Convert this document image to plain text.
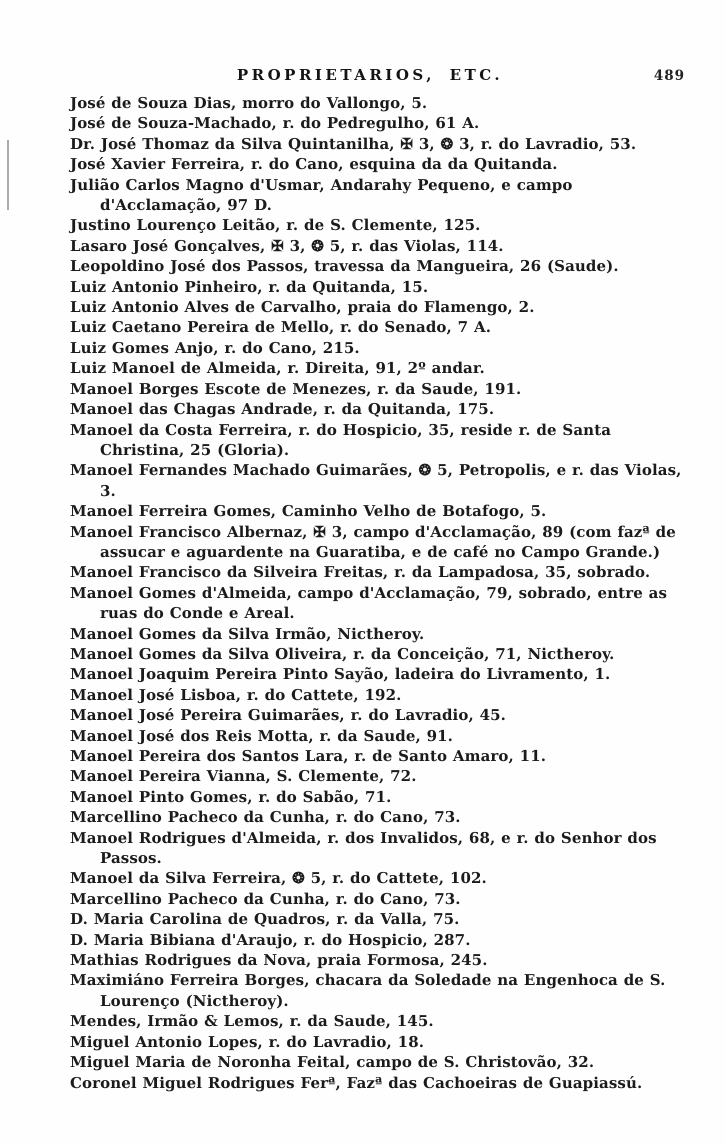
PROPRIETARIOS, ETC.	489

José de Souza Dias, morro do Vallongo, 5.

José de Souza-Machado, r. do Pedregulho, 61 A.

Dr. José Thomaz da Silva Quintanilha, ✠ 3, ❂ 3, r. do Lavradio, 53.

José Xavier Ferreira, r. do Cano, esquina da da Quitanda.

Julião Carlos Magno d'Usmar, Andarahy Pequeno, e campo d'Acclamação, 97 D.

Justino Lourenço Leitão, r. de S. Clemente, 125.

Lasaro José Gonçalves, ✠ 3, ❂ 5, r. das Violas, 114.

Leopoldino José dos Passos, travessa da Mangueira, 26 (Saude).

Luiz Antonio Pinheiro, r. da Quitanda, 15.

Luiz Antonio Alves de Carvalho, praia do Flamengo, 2.

Luiz Caetano Pereira de Mello, r. do Senado, 7 A.

Luiz Gomes Anjo, r. do Cano, 215.

Luiz Manoel de Almeida, r. Direita, 91, 2º andar.

Manoel Borges Escote de Menezes, r. da Saude, 191.

Manoel das Chagas Andrade, r. da Quitanda, 175.

Manoel da Costa Ferreira, r. do Hospicio, 35, reside r. de Santa Christina, 25 (Gloria).

Manoel Fernandes Machado Guimarães, ❂ 5, Petropolis, e r. das Violas, 3.

Manoel Ferreira Gomes, Caminho Velho de Botafogo, 5.

Manoel Francisco Albernaz, ✠ 3, campo d'Acclamação, 89 (com fazª de assucar e aguardente na Guaratiba, e de café no Campo Grande.)

Manoel Francisco da Silveira Freitas, r. da Lampadosa, 35, sobrado.

Manoel Gomes d'Almeida, campo d'Acclamação, 79, sobrado, entre as ruas do Conde e Areal.

Manoel Gomes da Silva Irmão, Nictheroy.

Manoel Gomes da Silva Oliveira, r. da Conceição, 71, Nictheroy.

Manoel Joaquim Pereira Pinto Sayão, ladeira do Livramento, 1.

Manoel José Lisboa, r. do Cattete, 192.

Manoel José Pereira Guimarães, r. do Lavradio, 45.

Manoel José dos Reis Motta, r. da Saude, 91.

Manoel Pereira dos Santos Lara, r. de Santo Amaro, 11.

Manoel Pereira Vianna, S. Clemente, 72.

Manoel Pinto Gomes, r. do Sabão, 71.

Marcellino Pacheco da Cunha, r. do Cano, 73.

Manoel Rodrigues d'Almeida, r. dos Invalidos, 68, e r. do Senhor dos Passos.

Manoel da Silva Ferreira, ❂ 5, r. do Cattete, 102.

Marcellino Pacheco da Cunha, r. do Cano, 73.

D. Maria Carolina de Quadros, r. da Valla, 75.

D. Maria Bibiana d'Araujo, r. do Hospicio, 287.

Mathias Rodrigues da Nova, praia Formosa, 245.

Maximiáno Ferreira Borges, chacara da Soledade na Engenhoca de S. Lourenço (Nictheroy).

Mendes, Irmão & Lemos, r. da Saude, 145.

Miguel Antonio Lopes, r. do Lavradio, 18.

Miguel Maria de Noronha Feital, campo de S. Christovão, 32.

Coronel Miguel Rodrigues Ferª, Fazª das Cachoeiras de Guapiassú.
